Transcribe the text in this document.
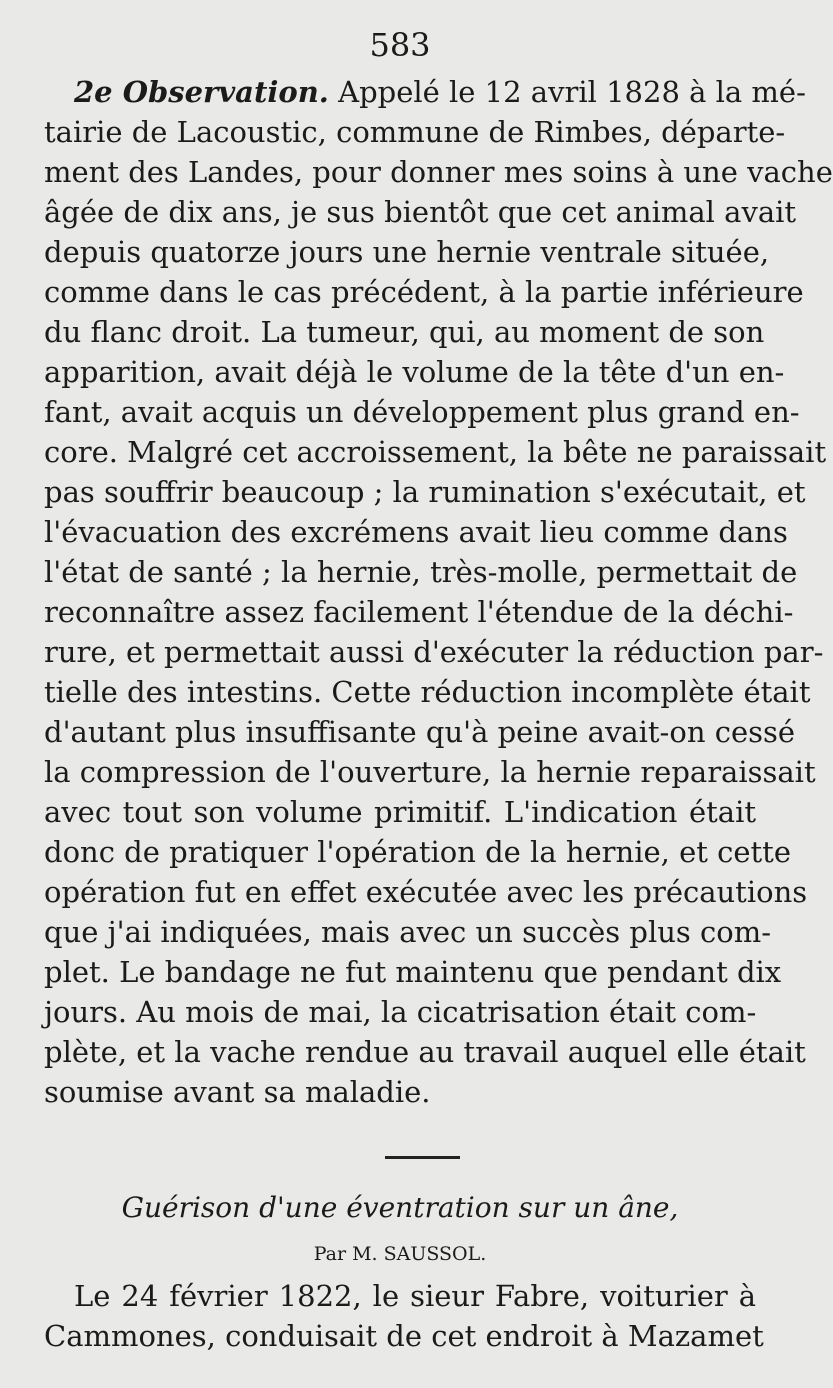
583
2e Observation. Appelé le 12 avril 1828 à la mé-
tairie de Lacoustic, commune de Rimbes, départe-
ment des Landes, pour donner mes soins à une vache
âgée de dix ans, je sus bientôt que cet animal avait
depuis quatorze jours une hernie ventrale située,
comme dans le cas précédent, à la partie inférieure
du flanc droit. La tumeur, qui, au moment de son
apparition, avait déjà le volume de la tête d'un en-
fant, avait acquis un développement plus grand en-
core. Malgré cet accroissement, la bête ne paraissait
pas souffrir beaucoup ; la rumination s'exécutait, et
l'évacuation des excrémens avait lieu comme dans
l'état de santé ; la hernie, très-molle, permettait de
reconnaître assez facilement l'étendue de la déchi-
rure, et permettait aussi d'exécuter la réduction par-
tielle des intestins. Cette réduction incomplète était
d'autant plus insuffisante qu'à peine avait-on cessé
la compression de l'ouverture, la hernie reparaissait
avec tout son volume primitif. L'indication était
donc de pratiquer l'opération de la hernie, et cette
opération fut en effet exécutée avec les précautions
que j'ai indiquées, mais avec un succès plus com-
plet. Le bandage ne fut maintenu que pendant dix
jours. Au mois de mai, la cicatrisation était com-
plète, et la vache rendue au travail auquel elle était
soumise avant sa maladie.
Guérison d'une éventration sur un âne,
Par M. SAUSSOL.
Le 24 février 1822, le sieur Fabre, voiturier à
Cammones, conduisait de cet endroit à Mazamet
